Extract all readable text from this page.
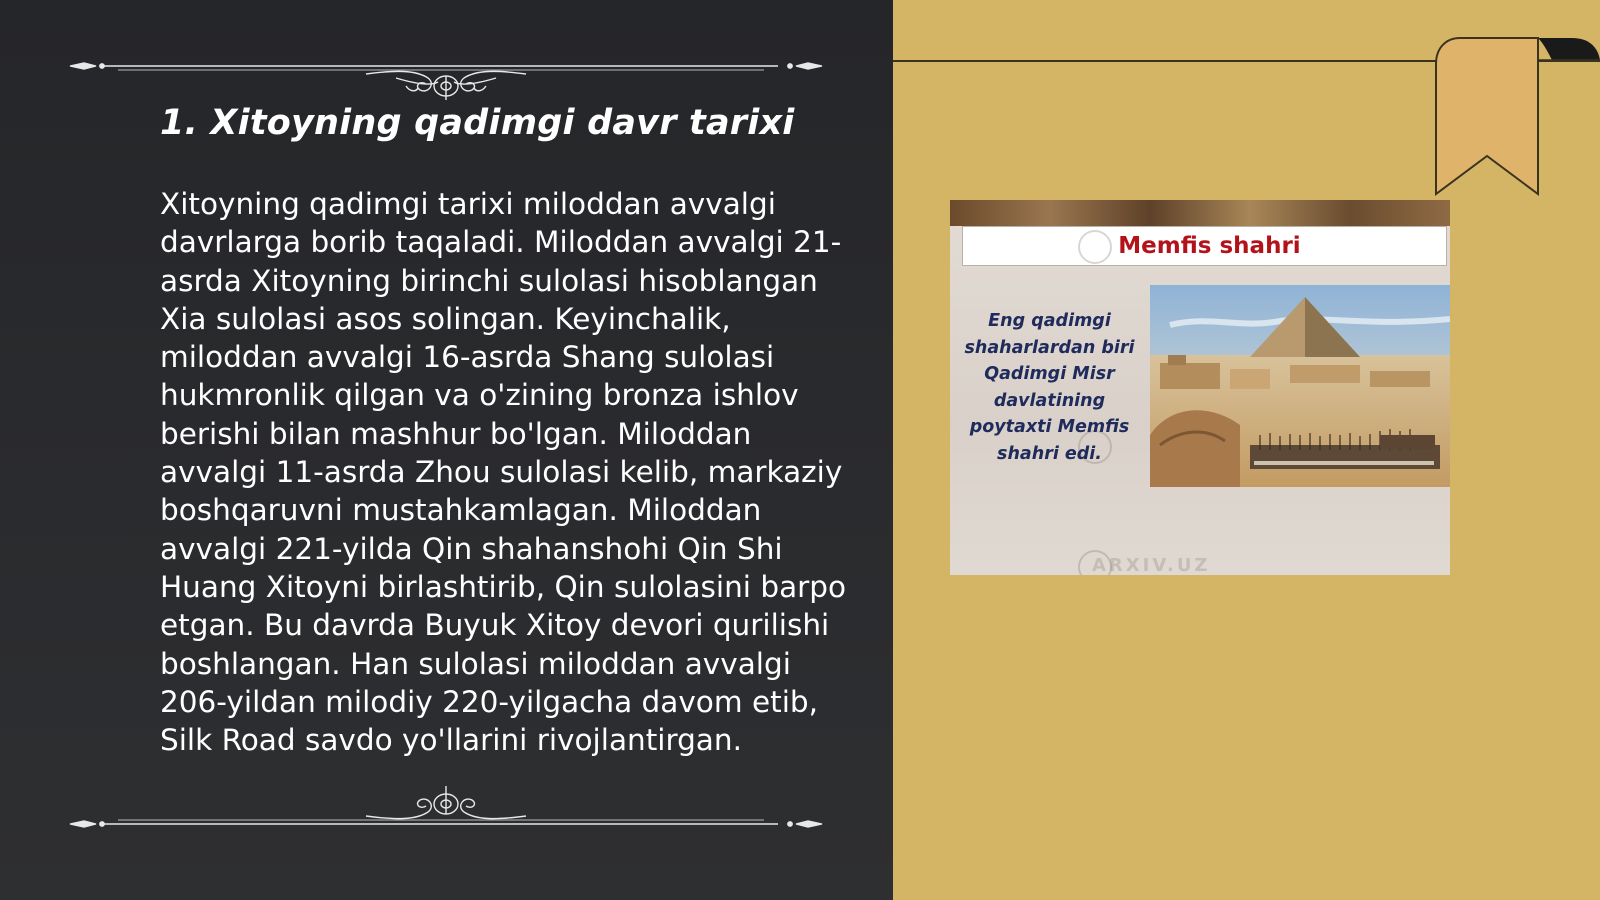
1. Xitoyning qadimgi davr tarixi

Xitoyning qadimgi tarixi miloddan avvalgi davrlarga borib taqaladi. Miloddan avvalgi 21-asrda Xitoyning birinchi sulolasi hisoblangan Xia sulolasi asos solingan. Keyinchalik, miloddan avvalgi 16-asrda Shang sulolasi hukmronlik qilgan va o'zining bronza ishlov berishi bilan mashhur bo'lgan. Miloddan avvalgi 11-asrda Zhou sulolasi kelib, markaziy boshqaruvni mustahkamlagan. Miloddan avvalgi 221-yilda Qin shahanshohi Qin Shi Huang Xitoyni birlashtirib, Qin sulolasini barpo etgan. Bu davrda Buyuk Xitoy devori qurilishi boshlangan. Han sulolasi miloddan avvalgi 206-yildan milodiy 220-yilgacha davom etib, Silk Road savdo yo'llarini rivojlantirgan.

Memfis shahri
ARXIV.UZ

Eng qadimgi shaharlardan biri Qadimgi Misr davlatining poytaxti Memfis shahri edi.
